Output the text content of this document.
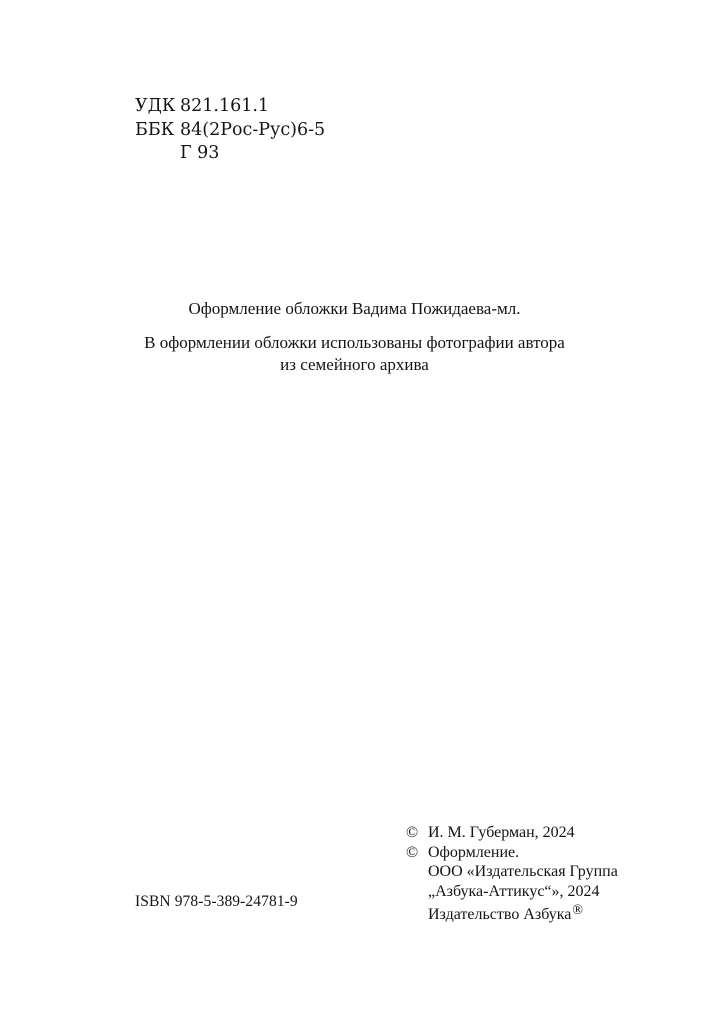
УДК 821.161.1
ББК 84(2Рос-Рус)6-5
Г 93

Оформление обложки Вадима Пожидаева-мл.

В оформлении обложки использованы фотографии автора

из семейного архива

© И. М. Губерман, 2024
© Оформление.
ООО «Издательская Группа
„Азбука-Аттикус“», 2024
Издательство Азбука®
ISBN 978-5-389-24781-9
